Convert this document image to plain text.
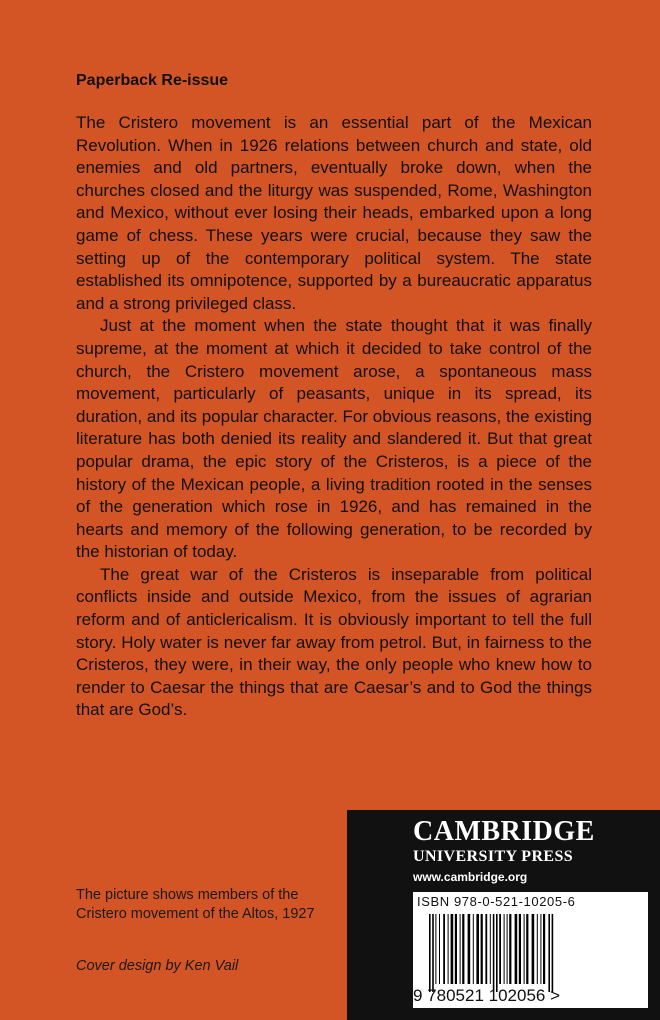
Paperback Re-issue

The Cristero movement is an essential part of the Mexican Revolution. When in 1926 relations between church and state, old enemies and old partners, eventually broke down, when the churches closed and the liturgy was suspended, Rome, Washington and Mexico, without ever losing their heads, embarked upon a long game of chess. These years were crucial, because they saw the setting up of the contemporary political system. The state established its omnipotence, supported by a bureaucratic apparatus and a strong privileged class.

Just at the moment when the state thought that it was finally supreme, at the moment at which it decided to take control of the church, the Cristero movement arose, a spontaneous mass movement, particularly of peasants, unique in its spread, its duration, and its popular character. For obvious reasons, the existing literature has both denied its reality and slandered it. But that great popular drama, the epic story of the Cristeros, is a piece of the history of the Mexican people, a living tradition rooted in the senses of the generation which rose in 1926, and has remained in the hearts and memory of the following generation, to be recorded by the historian of today.

The great war of the Cristeros is inseparable from political conflicts inside and outside Mexico, from the issues of agrarian reform and of anticlericalism. It is obviously important to tell the full story. Holy water is never far away from petrol. But, in fairness to the Cristeros, they were, in their way, the only people who knew how to render to Caesar the things that are Caesar’s and to God the things that are God’s.

The picture shows members of the Cristero movement of the Altos, 1927
Cover design by Ken Vail
CAMBRIDGE
UNIVERSITY PRESS
www.cambridge.org
ISBN 978-0-521-10205-6
9 780521 102056 >
